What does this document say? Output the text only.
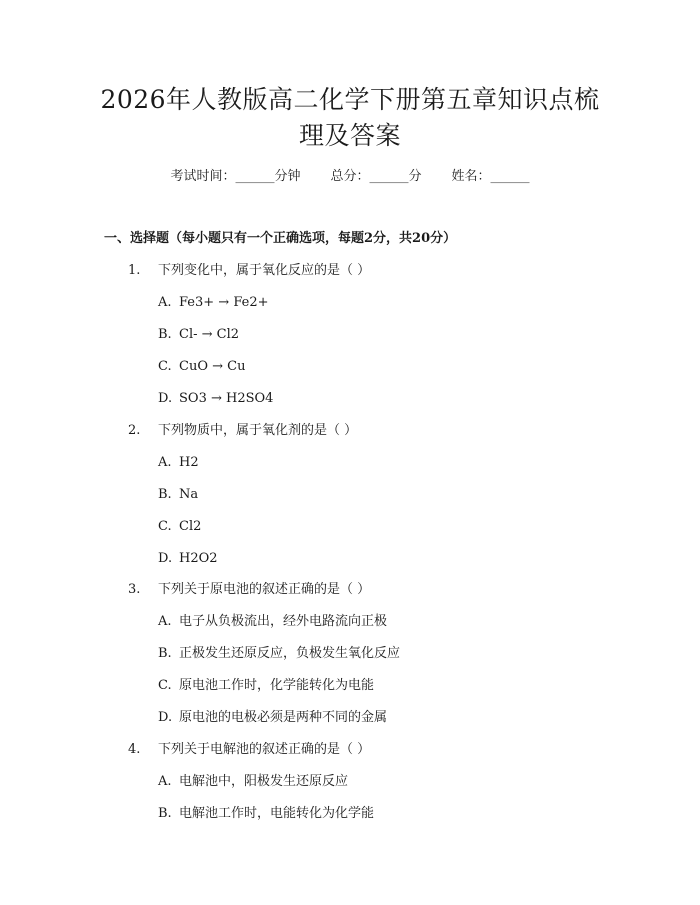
2026年人教版高二化学下册第五章知识点梳
理及答案
考试时间：______分钟 总分：______分 姓名：______
一、选择题（每小题只有一个正确选项，每题2分，共20分）
1. 下列变化中，属于氧化反应的是（ ）
A. Fe3+ → Fe2+
B. Cl- → Cl2
C. CuO → Cu
D. SO3 → H2SO4
2. 下列物质中，属于氧化剂的是（ ）
A. H2
B. Na
C. Cl2
D. H2O2
3. 下列关于原电池的叙述正确的是（ ）
A. 电子从负极流出，经外电路流向正极
B. 正极发生还原反应，负极发生氧化反应
C. 原电池工作时，化学能转化为电能
D. 原电池的电极必须是两种不同的金属
4. 下列关于电解池的叙述正确的是（ ）
A. 电解池中，阳极发生还原反应
B. 电解池工作时，电能转化为化学能
